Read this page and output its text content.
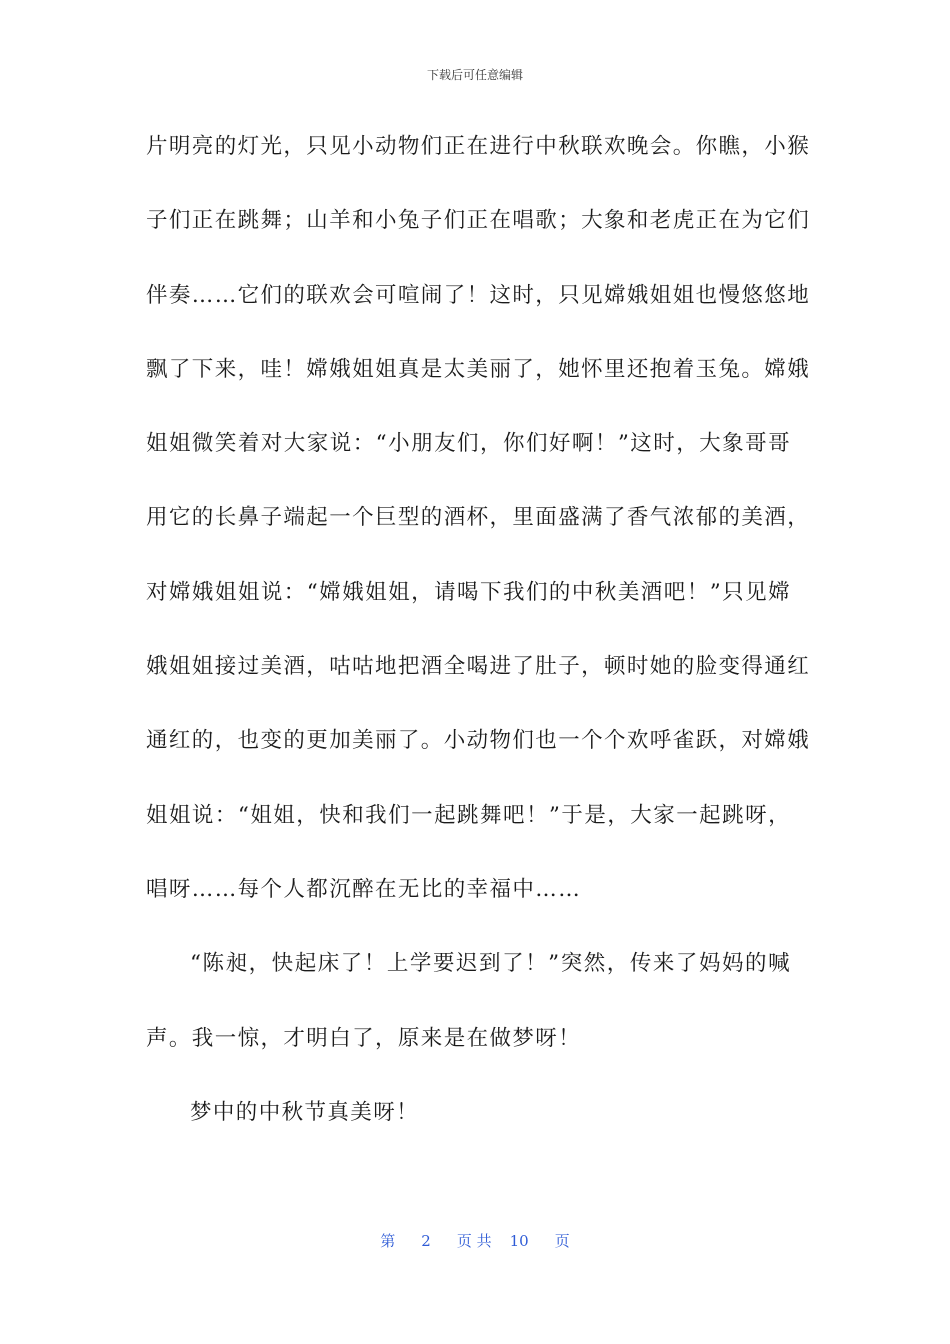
下载后可任意编辑
片明亮的灯光，只见小动物们正在进行中秋联欢晚会。你瞧，小猴
子们正在跳舞；山羊和小兔子们正在唱歌；大象和老虎正在为它们
伴奏……它们的联欢会可喧闹了！这时，只见嫦娥姐姐也慢悠悠地
飘了下来，哇！嫦娥姐姐真是太美丽了，她怀里还抱着玉兔。嫦娥
姐姐微笑着对大家说：“小朋友们，你们好啊！”这时，大象哥哥
用它的长鼻子端起一个巨型的酒杯，里面盛满了香气浓郁的美酒，
对嫦娥姐姐说：“嫦娥姐姐，请喝下我们的中秋美酒吧！”只见嫦
娥姐姐接过美酒，咕咕地把酒全喝进了肚子，顿时她的脸变得通红
通红的，也变的更加美丽了。小动物们也一个个欢呼雀跃，对嫦娥
姐姐说：“姐姐，快和我们一起跳舞吧！”于是，大家一起跳呀，
唱呀……每个人都沉醉在无比的幸福中……
“陈昶，快起床了！上学要迟到了！”突然，传来了妈妈的喊
声。我一惊，才明白了，原来是在做梦呀！
梦中的中秋节真美呀！
第 2 页 共 10 页
